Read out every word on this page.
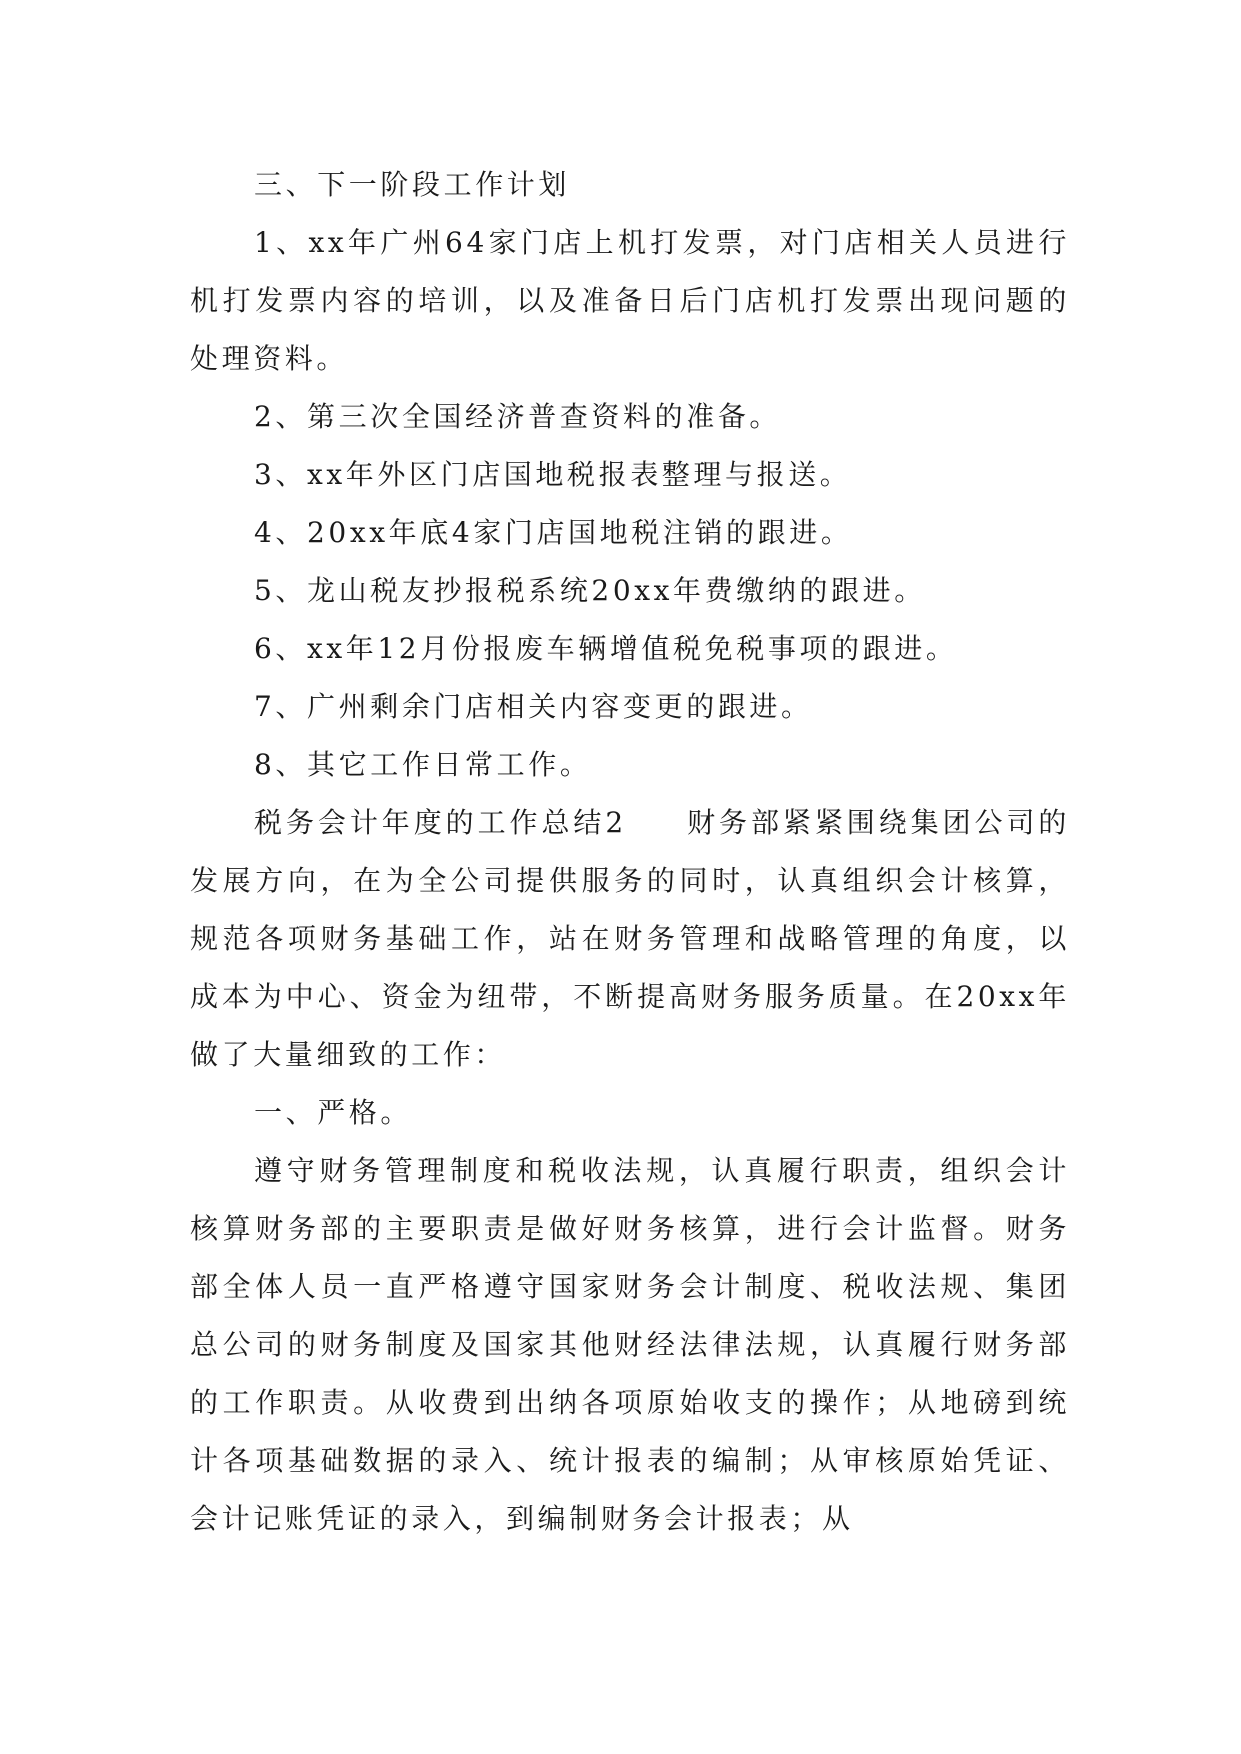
三、下一阶段工作计划

1、xx年广州64家门店上机打发票，对门店相关人员进行机打发票内容的培训，以及准备日后门店机打发票出现问题的处理资料。

2、第三次全国经济普查资料的准备。

3、xx年外区门店国地税报表整理与报送。

4、20xx年底4家门店国地税注销的跟进。

5、龙山税友抄报税系统20xx年费缴纳的跟进。

6、xx年12月份报废车辆增值税免税事项的跟进。

7、广州剩余门店相关内容变更的跟进。

8、其它工作日常工作。

税务会计年度的工作总结2 财务部紧紧围绕集团公司的发展方向，在为全公司提供服务的同时，认真组织会计核算，规范各项财务基础工作，站在财务管理和战略管理的角度，以成本为中心、资金为纽带，不断提高财务服务质量。在20xx年做了大量细致的工作：

一、严格。

遵守财务管理制度和税收法规，认真履行职责，组织会计核算财务部的主要职责是做好财务核算，进行会计监督。财务部全体人员一直严格遵守国家财务会计制度、税收法规、集团总公司的财务制度及国家其他财经法律法规，认真履行财务部的工作职责。从收费到出纳各项原始收支的操作；从地磅到统计各项基础数据的录入、统计报表的编制；从审核原始凭证、会计记账凭证的录入，到编制财务会计报表；从
